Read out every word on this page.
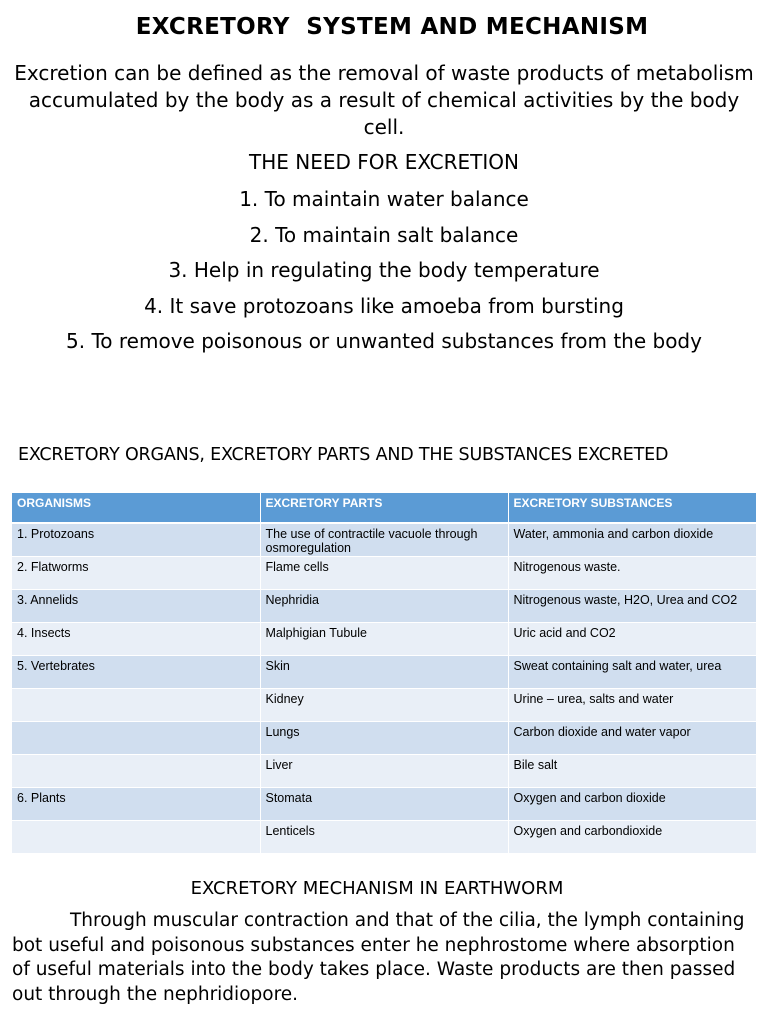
EXCRETORY  SYSTEM AND MECHANISM
Excretion can be defined as the removal of waste products of metabolism accumulated by the body as a result of chemical activities by the body cell.
THE NEED FOR EXCRETION
1. To maintain water balance
2. To maintain salt balance
3. Help in regulating the body temperature
4. It save protozoans like amoeba from bursting
5. To remove poisonous or unwanted substances from the body
EXCRETORY ORGANS, EXCRETORY PARTS AND THE SUBSTANCES EXCRETED
ORGANISMS	EXCRETORY PARTS	EXCRETORY SUBSTANCES
1. Protozoans	The use of contractile vacuole through osmoregulation	Water, ammonia and carbon dioxide
2. Flatworms	Flame cells	Nitrogenous waste.
3. Annelids	Nephridia	Nitrogenous waste, H2O, Urea and CO2
4. Insects	Malphigian Tubule	Uric acid and CO2
5. Vertebrates	Skin	Sweat containing salt and water, urea
	Kidney	Urine – urea, salts and water
	Lungs	Carbon dioxide and water vapor
	Liver	Bile salt
6. Plants	Stomata	Oxygen and carbon dioxide
	Lenticels	Oxygen and carbondioxide
EXCRETORY MECHANISM IN EARTHWORM
Through muscular contraction and that of the cilia, the lymph containing bot useful and poisonous substances enter he nephrostome where absorption of useful materials into the body takes place. Waste products are then passed out through the nephridiopore.
